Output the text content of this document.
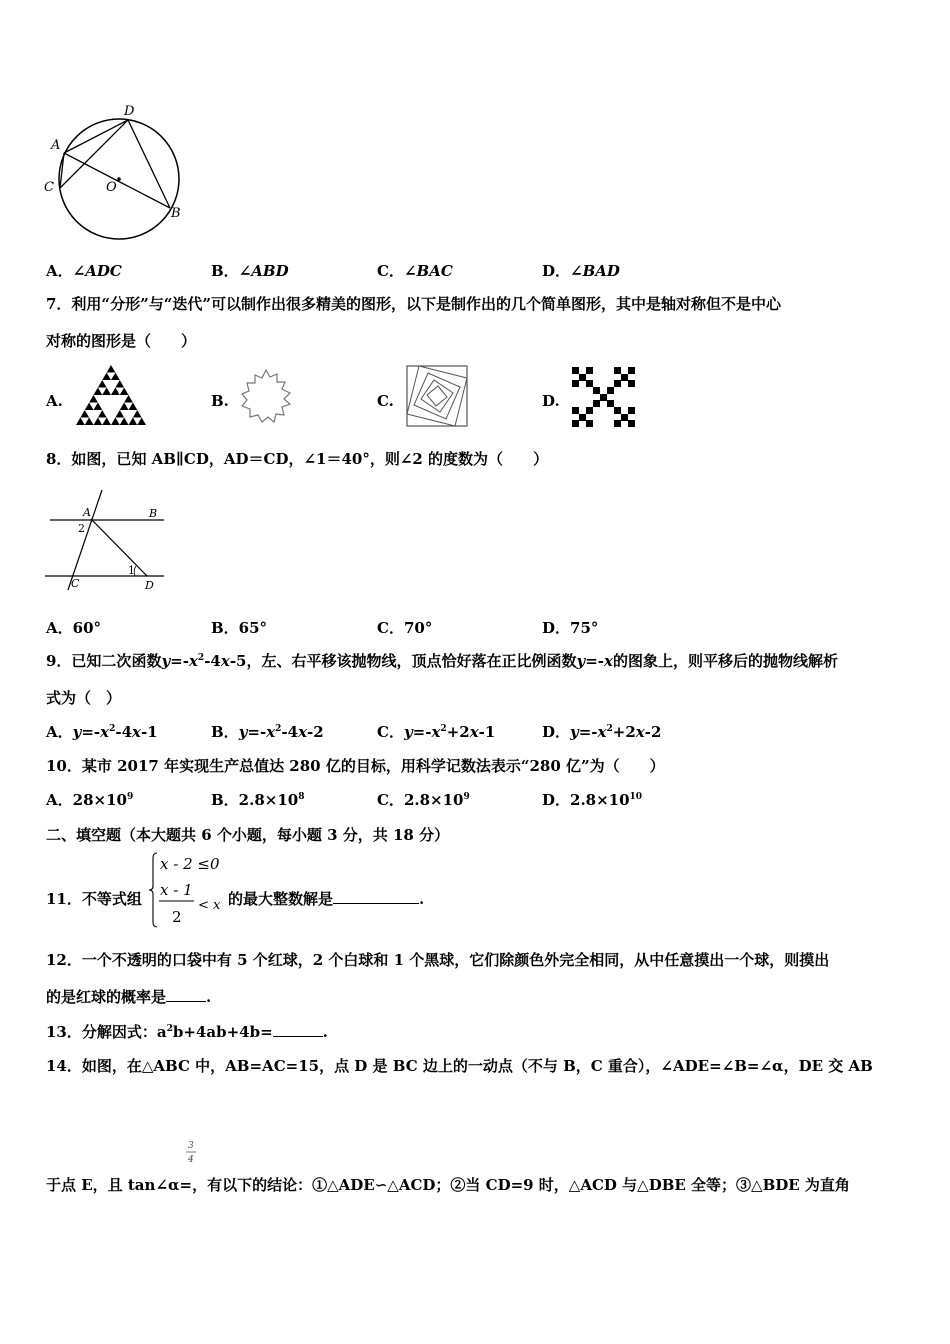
D
A
C	O
B
A．∠ADC	B．∠ABD	C．∠BAC	D．∠BAD
7．利用“分形”与“迭代”可以制作出很多精美的图形，以下是制作出的几个简单图形，其中是轴对称但不是中心
对称的图形是（　　）
A.	B.	C.	D.
8．如图，已知 AB∥CD，AD＝CD，∠1＝40°，则∠2 的度数为（　　）
A	B
2
1
C	D
A．60°	B．65°	C．70°	D．75°
9．已知二次函数$y=-x^2-4x-5$，左、右平移该抛物线，顶点恰好落在正比例函数y=-x的图象上，则平移后的抛物线解析
式为（　）
A．$y=-x^2-4x-1$	B．$y=-x^2-4x-2$	C．$y=-x^2+2x-1$	D．$y=-x^2+2x-2$
10．某市 2017 年实现生产总值达 280 亿的目标，用科学记数法表示“280 亿”为（　　）
A．$28\times 10^9$	B．$2.8\times 10^8$	C．$2.8\times 10^9$	D．$2.8\times 10^{10}$
二、填空题（本大题共 6 个小题，每小题 3 分，共 18 分）
11．不等式组
x - 2 ≤0
x - 1
2
< x 的最大整数解是	.
12．一个不透明的口袋中有 5 个红球，2 个白球和 1 个黑球，它们除颜色外完全相同，从中任意摸出一个球，则摸出
的是红球的概率是	.
13．分解因式：$a^2b+4ab+4b=$	.
14．如图，在△ABC 中，AB=AC=15，点 D 是 BC 边上的一动点（不与 B，C 重合），∠ADE=∠B=∠α，DE 交 AB
3
4
于点 E，且 tan∠α=，有以下的结论：①△ADE∽△ACD；②当 CD=9 时，△ACD 与△DBE 全等；③△BDE 为直角
